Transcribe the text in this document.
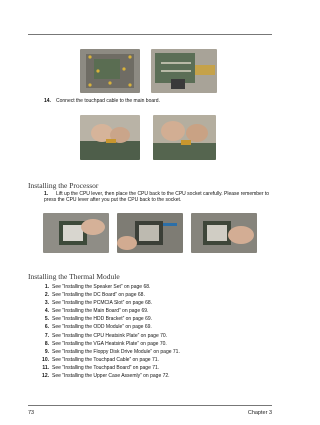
14. Connect the touchpad cable to the main board.
Installing the Processor
1. Lift up the CPU lever, then place the CPU back to the CPU socket carefully. Please remember to press the CPU lever after you put the CPU back to the socket.
Installing the Thermal Module
1. See “Installing the Speaker Set” on page 68.
2. See “Installing the DC Board” on page 68.
3. See “Installing the PCMCIA Slot” on page 68.
4. See “Installing the Main Board” on page 69.
5. See “Installing the HDD Bracket” on page 69.
6. See “Installing the ODD Module” on page 69.
7. See “Installing the CPU Heatsink Plate” on page 70.
8. See “Installing the VGA Heatsink Plate” on page 70.
9. See “Installing the Floppy Disk Drive Module” on page 71.
10. See “Installing the Touchpad Cable” on page 71.
11. See “Installing the Touchpad Board” on page 71.
12. See “Installing the Upper Case Assemly” on page 72.
73	Chapter 3
